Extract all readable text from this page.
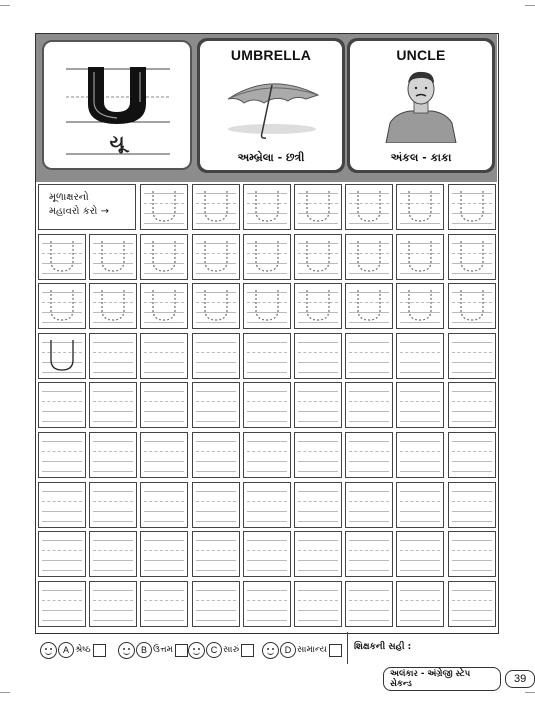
યૂ
UMBRELLA
અમ્બ્રેલા - છત્રી
UNCLE
અંકલ - કાકા
મૂળાક્ષરનો
મહાવરો કરો →
A શ્રેષ્ઠ	B ઉત્તમ	C સારું	D સામાન્ય	શિક્ષકની સહી :
અલંકાર - અંગ્રેજી સ્ટેપ સેકન્ડ	39
